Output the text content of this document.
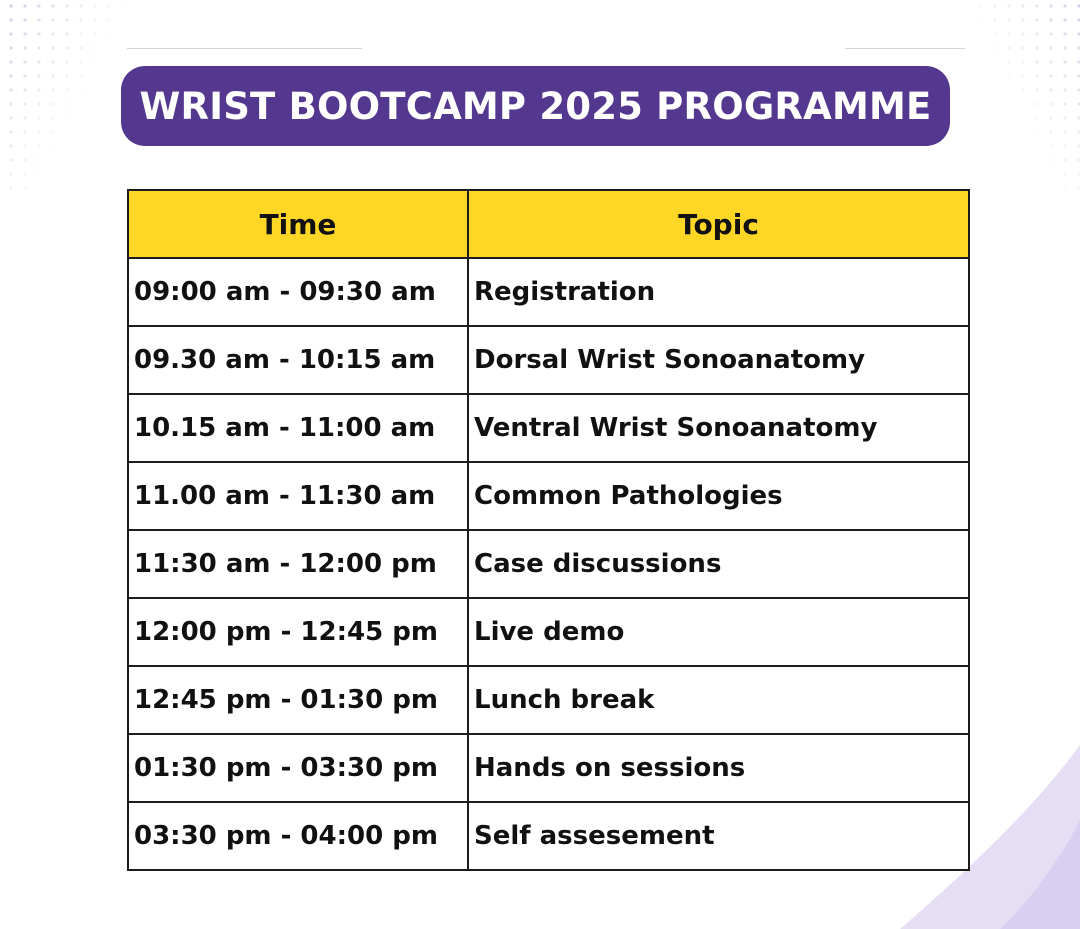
WRIST BOOTCAMP 2025 PROGRAMME
Time	Topic
09:00 am - 09:30 am	Registration
09.30 am - 10:15 am	Dorsal Wrist Sonoanatomy
10.15 am - 11:00 am	Ventral Wrist Sonoanatomy
11.00 am - 11:30 am	Common Pathologies
11:30 am - 12:00 pm	Case discussions
12:00 pm - 12:45 pm	Live demo
12:45 pm - 01:30 pm	Lunch break
01:30 pm - 03:30 pm	Hands on sessions
03:30 pm - 04:00 pm	Self assesement
